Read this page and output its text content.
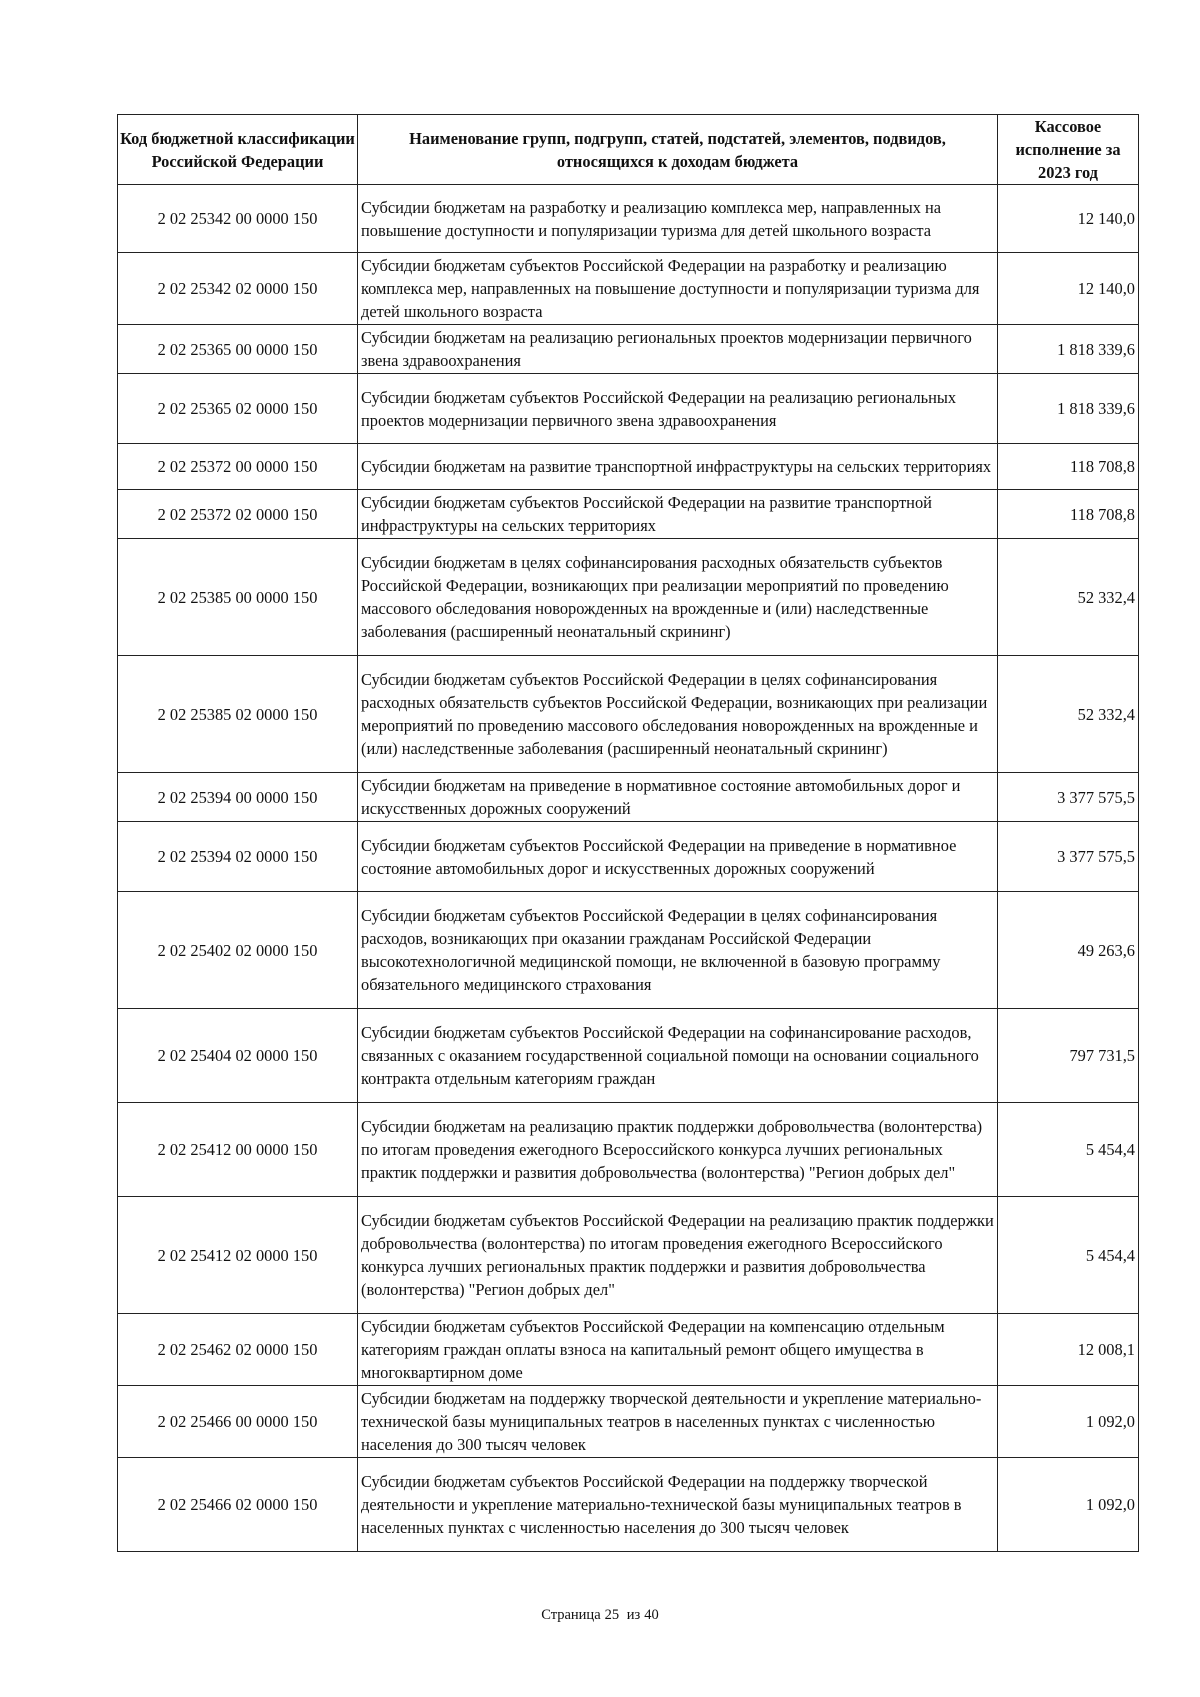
Код бюджетной классификации Российской Федерации	Наименование групп, подгрупп, статей, подстатей, элементов, подвидов, относящихся к доходам бюджета	Кассовое исполнение за 2023 год
2 02 25342 00 0000 150	Субсидии бюджетам на разработку и реализацию комплекса мер, направленных на повышение доступности и популяризации туризма для детей школьного возраста	12 140,0
2 02 25342 02 0000 150	Субсидии бюджетам субъектов Российской Федерации на разработку и реализацию комплекса мер, направленных на повышение доступности и популяризации туризма для детей школьного возраста	12 140,0
2 02 25365 00 0000 150	Субсидии бюджетам на реализацию региональных проектов модернизации первичного звена здравоохранения	1 818 339,6
2 02 25365 02 0000 150	Субсидии бюджетам субъектов Российской Федерации на реализацию региональных проектов модернизации первичного звена здравоохранения	1 818 339,6
2 02 25372 00 0000 150	Субсидии бюджетам на развитие транспортной инфраструктуры на сельских территориях	118 708,8
2 02 25372 02 0000 150	Субсидии бюджетам субъектов Российской Федерации на развитие транспортной инфраструктуры на сельских территориях	118 708,8
2 02 25385 00 0000 150	Субсидии бюджетам в целях софинансирования расходных обязательств субъектов Российской Федерации, возникающих при реализации мероприятий по проведению массового обследования новорожденных на врожденные и (или) наследственные заболевания (расширенный неонатальный скрининг)	52 332,4
2 02 25385 02 0000 150	Субсидии бюджетам субъектов Российской Федерации в целях софинансирования расходных обязательств субъектов Российской Федерации, возникающих при реализации мероприятий по проведению массового обследования новорожденных на врожденные и (или) наследственные заболевания (расширенный неонатальный скрининг)	52 332,4
2 02 25394 00 0000 150	Субсидии бюджетам на приведение в нормативное состояние автомобильных дорог и искусственных дорожных сооружений	3 377 575,5
2 02 25394 02 0000 150	Субсидии бюджетам субъектов Российской Федерации на приведение в нормативное состояние автомобильных дорог и искусственных дорожных сооружений	3 377 575,5
2 02 25402 02 0000 150	Субсидии бюджетам субъектов Российской Федерации в целях софинансирования расходов, возникающих при оказании гражданам Российской Федерации высокотехнологичной медицинской помощи, не включенной в базовую программу обязательного медицинского страхования	49 263,6
2 02 25404 02 0000 150	Субсидии бюджетам субъектов Российской Федерации на софинансирование расходов, связанных с оказанием государственной социальной помощи на основании социального контракта отдельным категориям граждан	797 731,5
2 02 25412 00 0000 150	Субсидии бюджетам на реализацию практик поддержки добровольчества (волонтерства) по итогам проведения ежегодного Всероссийского конкурса лучших региональных практик поддержки и развития добровольчества (волонтерства) "Регион добрых дел"	5 454,4
2 02 25412 02 0000 150	Субсидии бюджетам субъектов Российской Федерации на реализацию практик поддержки добровольчества (волонтерства) по итогам проведения ежегодного Всероссийского конкурса лучших региональных практик поддержки и развития добровольчества (волонтерства) "Регион добрых дел"	5 454,4
2 02 25462 02 0000 150	Субсидии бюджетам субъектов Российской Федерации на компенсацию отдельным категориям граждан оплаты взноса на капитальный ремонт общего имущества в многоквартирном доме	12 008,1
2 02 25466 00 0000 150	Субсидии бюджетам на поддержку творческой деятельности и укрепление материально-технической базы муниципальных театров в населенных пунктах с численностью населения до 300 тысяч человек	1 092,0
2 02 25466 02 0000 150	Субсидии бюджетам субъектов Российской Федерации на поддержку творческой деятельности и укрепление материально-технической базы муниципальных театров в населенных пунктах с численностью населения до 300 тысяч человек	1 092,0
Страница 25 из 40
